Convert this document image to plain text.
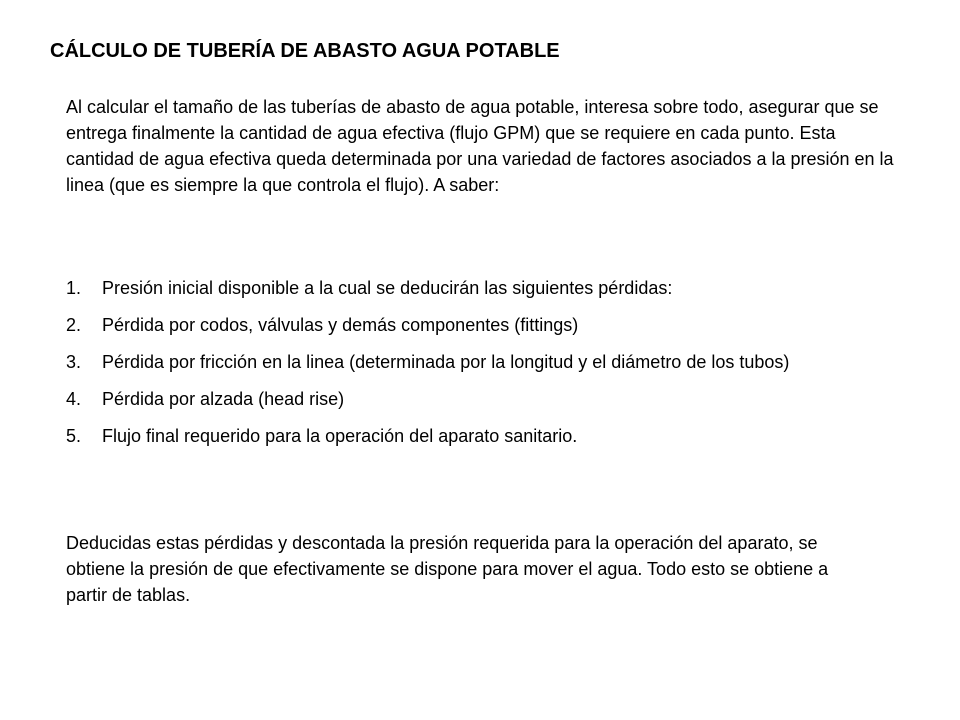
CÁLCULO DE TUBERÍA DE ABASTO AGUA POTABLE

Al calcular el tamaño de las tuberías de abasto de agua potable, interesa sobre todo, asegurar que se entrega finalmente la cantidad de agua efectiva (flujo GPM) que se requiere en cada punto. Esta cantidad de agua efectiva queda determinada por una variedad de factores asociados a la presión en la linea (que es siempre la que controla el flujo). A saber:

1.	Presión inicial disponible a la cual se deducirán las siguientes pérdidas:
2.	Pérdida por codos, válvulas y demás componentes (fittings)
3.	Pérdida por fricción en la linea (determinada por la longitud y el diámetro de los tubos)
4.	Pérdida por alzada (head rise)
5.	Flujo final requerido para la operación del aparato sanitario.

Deducidas estas pérdidas y descontada la presión requerida para la operación del aparato, se obtiene la presión de que efectivamente se dispone para mover el agua. Todo esto se obtiene a partir de tablas.
